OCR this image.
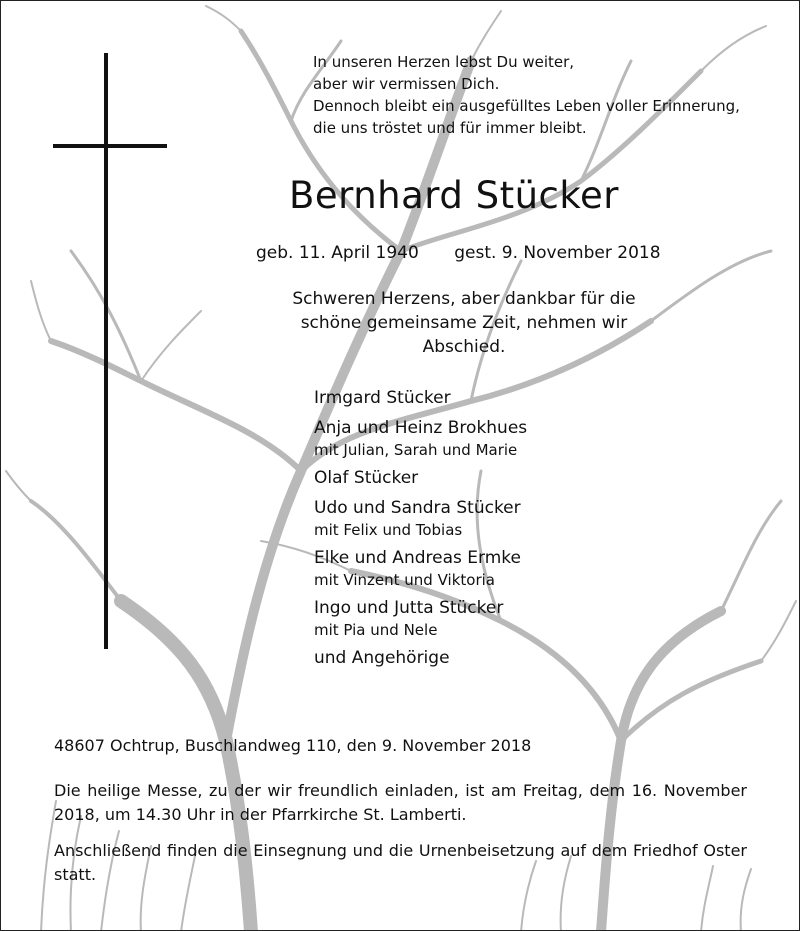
In unseren Herzen lebst Du weiter,
aber wir vermissen Dich.
Dennoch bleibt ein ausgefülltes Leben voller Erinnerung,
die uns tröstet und für immer bleibt.
Bernhard Stücker
geb. 11. April 1940 gest. 9. November 2018
Schweren Herzens, aber dankbar für die schöne gemeinsame Zeit, nehmen wir Abschied.
Irmgard Stücker
Anja und Heinz Brokhues
mit Julian, Sarah und Marie
Olaf Stücker
Udo und Sandra Stücker
mit Felix und Tobias
Elke und Andreas Ermke
mit Vinzent und Viktoria
Ingo und Jutta Stücker
mit Pia und Nele
und Angehörige
48607 Ochtrup, Buschlandweg 110, den 9. November 2018
Die heilige Messe, zu der wir freundlich einladen, ist am Freitag, dem 16. November 2018, um 14.30 Uhr in der Pfarrkirche St. Lamberti.
Anschließend finden die Einsegnung und die Urnenbeisetzung auf dem Friedhof Oster statt.
